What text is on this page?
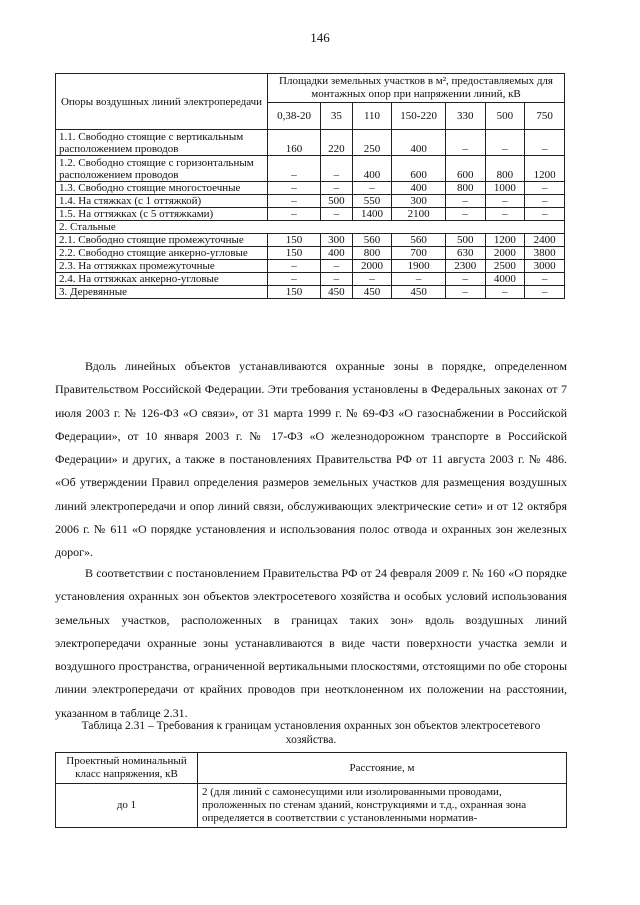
146
Опоры воздушных линий электропередачи	Площадки земельных участков в м², предоставляемых для монтажных опор при напряжении линий, кВ						
	0,38-20	35	110	150-220	330	500	750
1.1. Свободно стоящие с вертикальным расположением проводов	160	220	250	400	–	–	–
1.2. Свободно стоящие с горизонтальным расположением проводов	–	–	400	600	600	800	1200
1.3. Свободно стоящие многостоечные	–	–	–	400	800	1000	–
1.4. На стяжках (с 1 оттяжкой)	–	500	550	300	–	–	–
1.5. На оттяжках (с 5 оттяжками)	–	–	1400	2100	–	–	–
2. Стальные							
2.1. Свободно стоящие промежуточные	150	300	560	560	500	1200	2400
2.2. Свободно стоящие анкерно-угловые	150	400	800	700	630	2000	3800
2.3. На оттяжках промежуточные	–	–	2000	1900	2300	2500	3000
2.4. На оттяжках анкерно-угловые	–	–	–	–	–	4000	–
3. Деревянные	150	450	450	450	–	–	–

Вдоль линейных объектов устанавливаются охранные зоны в порядке, определенном Правительством Российской Федерации. Эти требования установлены в Федеральных законах от 7 июля 2003 г. № 126-ФЗ «О связи», от 31 марта 1999 г. № 69-ФЗ «О газоснабжении в Российской Федерации», от 10 января 2003 г. № 17-ФЗ «О железнодорожном транспорте в Российской Федерации» и других, а также в постановлениях Правительства РФ от 11 августа 2003 г. № 486. «Об утверждении Правил определения размеров земельных участков для размещения воздушных линий электропередачи и опор линий связи, обслуживающих электрические сети» и от 12 октября 2006 г. № 611 «О порядке установления и использования полос отвода и охранных зон железных дорог».

В соответствии с постановлением Правительства РФ от 24 февраля 2009 г. № 160 «О порядке установления охранных зон объектов электросетевого хозяйства и особых условий использования земельных участков, расположенных в границах таких зон» вдоль воздушных линий электропередачи охранные зоны устанавливаются в виде части поверхности участка земли и воздушного пространства, ограниченной вертикальными плоскостями, отстоящими по обе стороны линии электропередачи от крайних проводов при неотклоненном их положении на расстоянии, указанном в таблице 2.31.

Таблица 2.31 – Требования к границам установления охранных зон объектов электросетевого хозяйства.

Проектный номинальный класс напряжения, кВ	Расстояние, м
до 1	2 (для линий с самонесущими или изолированными проводами, проложенных по стенам зданий, конструкциями и т.д., охранная зона определяется в соответствии с установленными норматив-
